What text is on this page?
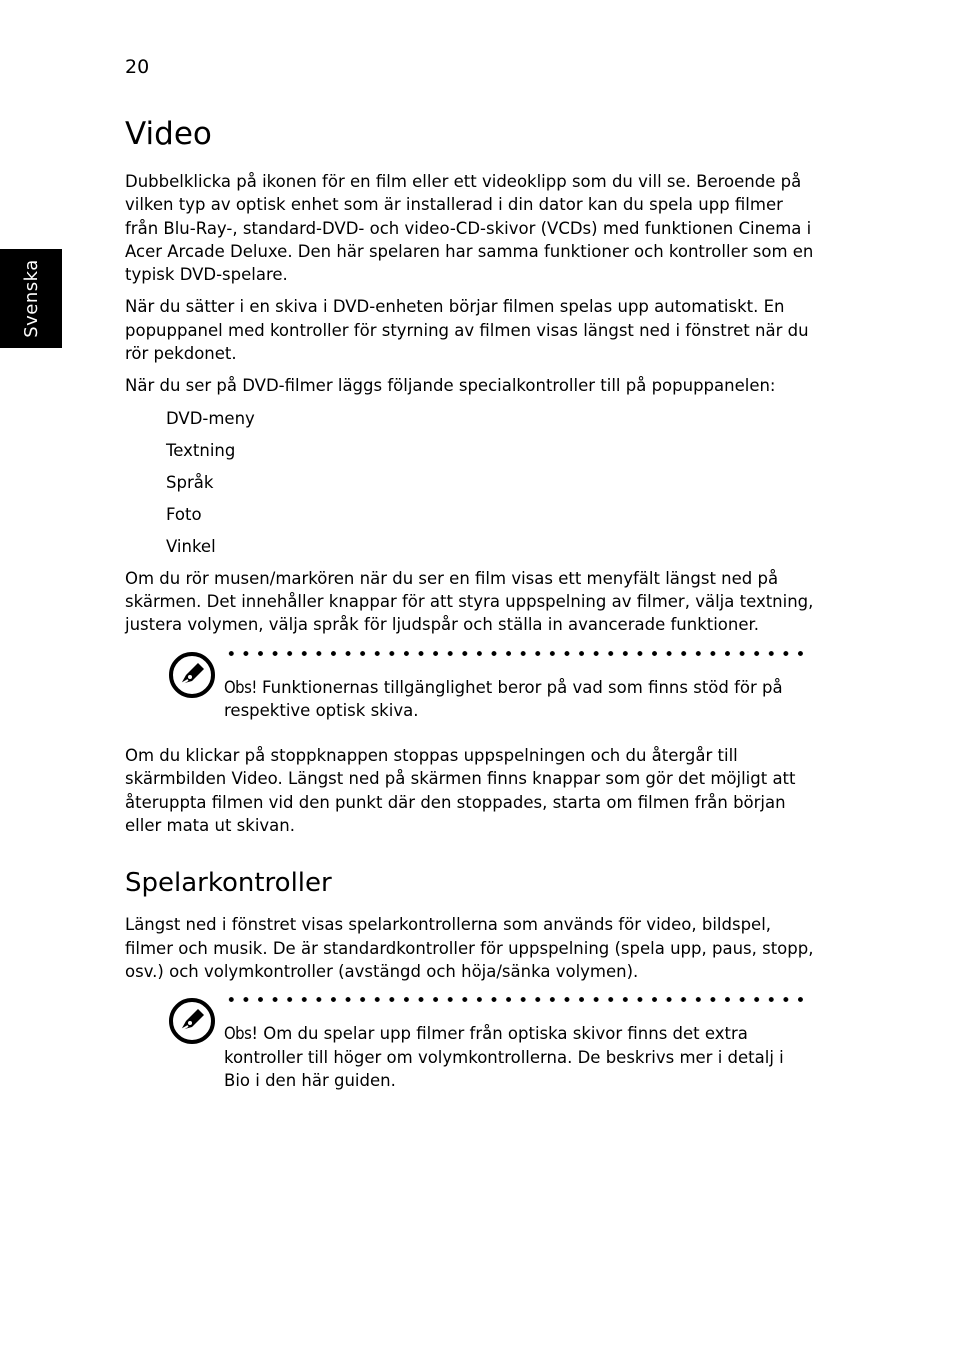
20
Svenska
Video

Dubbelklicka på ikonen för en film eller ett videoklipp som du vill se. Beroende på vilken typ av optisk enhet som är installerad i din dator kan du spela upp filmer från Blu-Ray-, standard-DVD- och video-CD-skivor (VCDs) med funktionen Cinema i Acer Arcade Deluxe. Den här spelaren har samma funktioner och kontroller som en typisk DVD-spelare.

När du sätter i en skiva i DVD-enheten börjar filmen spelas upp automatiskt. En popuppanel med kontroller för styrning av filmen visas längst ned i fönstret när du rör pekdonet.

När du ser på DVD-filmer läggs följande specialkontroller till på popuppanelen:

DVD-meny
Textning
Språk
Foto
Vinkel

Om du rör musen/markören när du ser en film visas ett menyfält längst ned på skärmen. Det innehåller knappar för att styra uppspelning av filmer, välja textning, justera volymen, välja språk för ljudspår och ställa in avancerade funktioner.

Obs! Funktionernas tillgänglighet beror på vad som finns stöd för på respektive optisk skiva.

Om du klickar på stoppknappen stoppas uppspelningen och du återgår till skärmbilden Video. Längst ned på skärmen finns knappar som gör det möjligt att återuppta filmen vid den punkt där den stoppades, starta om filmen från början eller mata ut skivan.

Spelarkontroller

Längst ned i fönstret visas spelarkontrollerna som används för video, bildspel, filmer och musik. De är standardkontroller för uppspelning (spela upp, paus, stopp, osv.) och volymkontroller (avstängd och höja/sänka volymen).

Obs! Om du spelar upp filmer från optiska skivor finns det extra kontroller till höger om volymkontrollerna. De beskrivs mer i detalj i Bio i den här guiden.
